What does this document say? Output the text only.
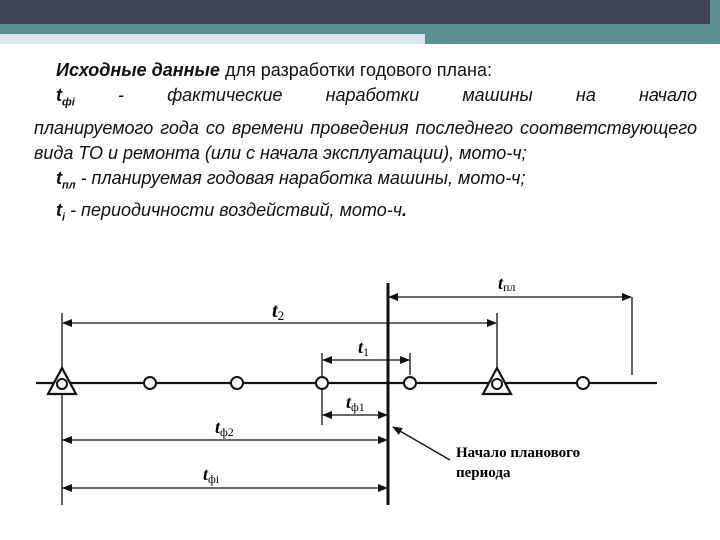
Исходные данные для разработки годового плана:

$t_{фi}$ - фактические наработки машины на начало

планируемого года со времени проведения последнего соответствующего вида ТО и ремонта (или с начала эксплуатации), мото-ч;

$t_{пл}$ - планируемая годовая наработка машины, мото-ч;

$t_i$ - периодичности воздействий, мото-ч.

tпл
t2
t1
tф1
tф2
tфi
Начало планового
периода
